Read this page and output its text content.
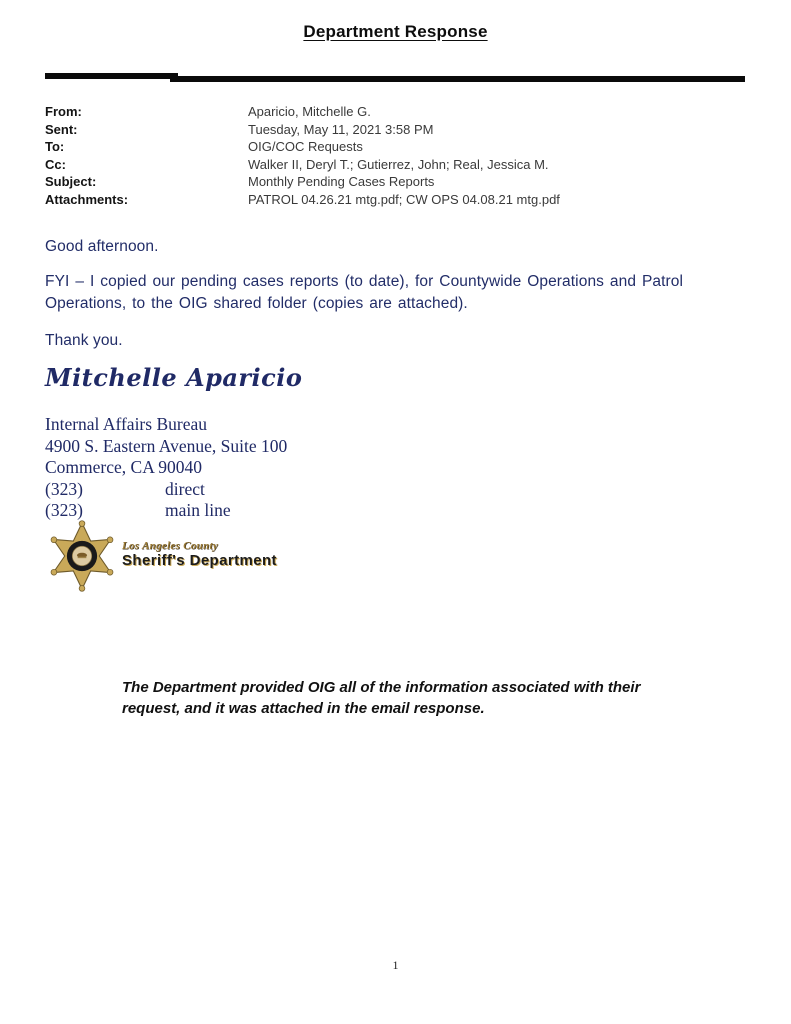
Department Response
From:	Aparicio, Mitchelle G.
Sent:	Tuesday, May 11, 2021 3:58 PM
To:	OIG/COC Requests
Cc:	Walker II, Deryl T.; Gutierrez, John; Real, Jessica M.
Subject:	Monthly Pending Cases Reports
Attachments:	PATROL 04.26.21 mtg.pdf; CW OPS 04.08.21 mtg.pdf
Good afternoon.
FYI – I copied our pending cases reports (to date), for Countywide Operations and Patrol Operations, to the OIG shared folder (copies are attached).
Thank you.
Mitchelle Aparicio
Internal Affairs Bureau
4900 S. Eastern Avenue, Suite 100
Commerce, CA 90040
(323)	direct
(323)	main line
Los Angeles County
Sheriff's Department
The Department provided OIG all of the information associated with their request, and it was attached in the email response.
1
